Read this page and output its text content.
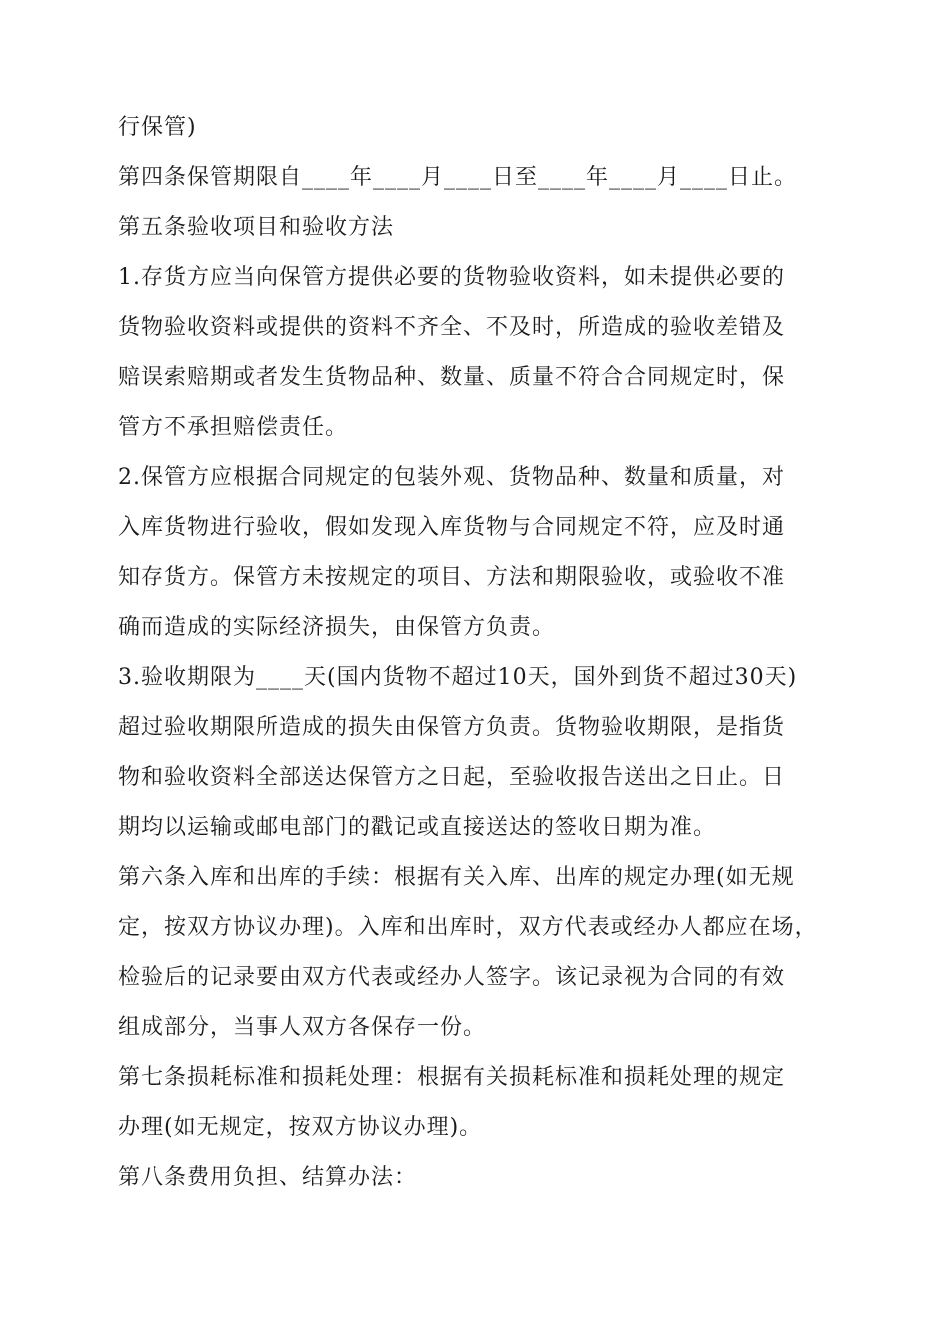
行保管)
第四条保管期限自____年____月____日至____年____月____日止。
第五条验收项目和验收方法
1.存货方应当向保管方提供必要的货物验收资料，如未提供必要的
货物验收资料或提供的资料不齐全、不及时，所造成的验收差错及
赔误索赔期或者发生货物品种、数量、质量不符合合同规定时，保
管方不承担赔偿责任。
2.保管方应根据合同规定的包装外观、货物品种、数量和质量，对
入库货物进行验收，假如发现入库货物与合同规定不符，应及时通
知存货方。保管方未按规定的项目、方法和期限验收，或验收不准
确而造成的实际经济损失，由保管方负责。
3.验收期限为____天(国内货物不超过10天，国外到货不超过30天)
超过验收期限所造成的损失由保管方负责。货物验收期限，是指货
物和验收资料全部送达保管方之日起，至验收报告送出之日止。日
期均以运输或邮电部门的戳记或直接送达的签收日期为准。
第六条入库和出库的手续：根据有关入库、出库的规定办理(如无规
定，按双方协议办理)。入库和出库时，双方代表或经办人都应在场，
检验后的记录要由双方代表或经办人签字。该记录视为合同的有效
组成部分，当事人双方各保存一份。
第七条损耗标准和损耗处理：根据有关损耗标准和损耗处理的规定
办理(如无规定，按双方协议办理)。
第八条费用负担、结算办法：
